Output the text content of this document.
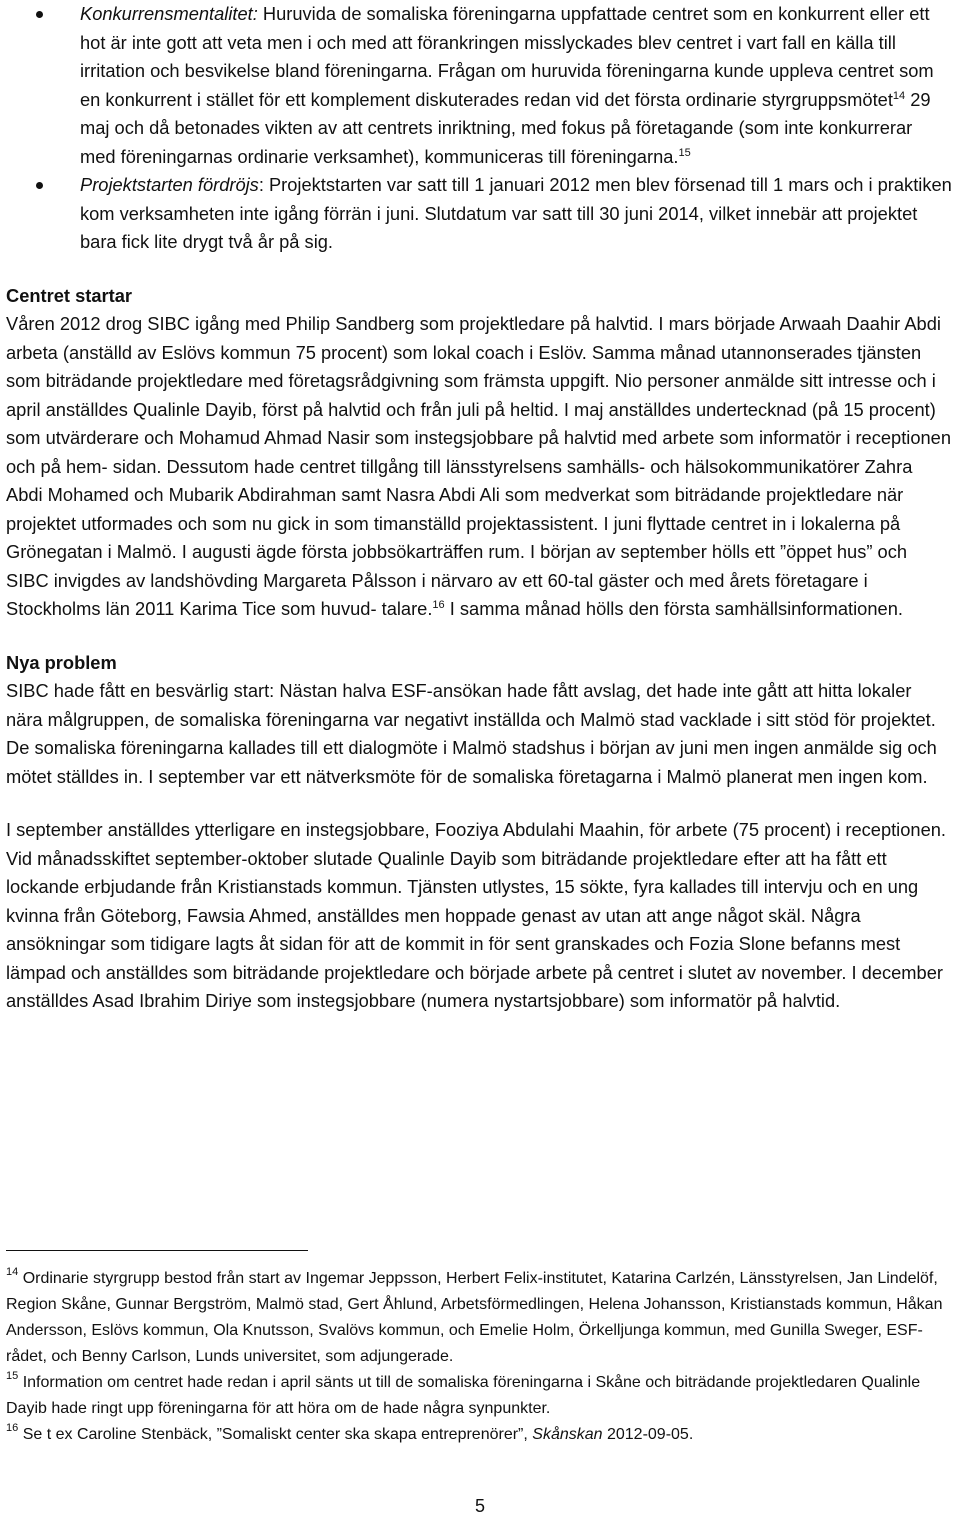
Konkurrensmentalitet: Huruvida de somaliska föreningarna uppfattade centret som en konkurrent eller ett hot är inte gott att veta men i och med att förankringen misslyckades blev centret i vart fall en källa till irritation och besvikelse bland föreningarna. Frågan om huruvida föreningarna kunde uppleva centret som en konkurrent i stället för ett komplement diskuterades redan vid det första ordinarie styrgruppsmötet$^{14}$ 29 maj och då betonades vikten av att centrets inriktning, med fokus på företagande (som inte konkurrerar med föreningarnas ordinarie verksamhet), kommuniceras till föreningarna.$^{15}$
Projektstarten fördröjs: Projektstarten var satt till 1 januari 2012 men blev försenad till 1 mars och i praktiken kom verksamheten inte igång förrän i juni. Slutdatum var satt till 30 juni 2014, vilket innebär att projektet bara fick lite drygt två år på sig.

Centret startar

Våren 2012 drog SIBC igång med Philip Sandberg som projektledare på halvtid. I mars började Arwaah Daahir Abdi arbeta (anställd av Eslövs kommun 75 procent) som lokal coach i Eslöv. Samma månad utannonserades tjänsten som biträdande projektledare med företagsrådgivning som främsta uppgift. Nio personer anmälde sitt intresse och i april anställdes Qualinle Dayib, först på halvtid och från juli på heltid. I maj anställdes undertecknad (på 15 procent) som utvärderare och Mohamud Ahmad Nasir som instegsjobbare på halvtid med arbete som informatör i receptionen och på hem- sidan. Dessutom hade centret tillgång till länsstyrelsens samhälls- och hälsokommunikatörer Zahra Abdi Mohamed och Mubarik Abdirahman samt Nasra Abdi Ali som medverkat som biträdande projektledare när projektet utformades och som nu gick in som timanställd projektassistent. I juni flyttade centret in i lokalerna på Grönegatan i Malmö. I augusti ägde första jobbsökarträffen rum. I början av september hölls ett ”öppet hus” och SIBC invigdes av landshövding Margareta Pålsson i närvaro av ett 60-tal gäster och med årets företagare i Stockholms län 2011 Karima Tice som huvud- talare.$^{16}$ I samma månad hölls den första samhällsinformationen.

Nya problem

SIBC hade fått en besvärlig start: Nästan halva ESF-ansökan hade fått avslag, det hade inte gått att hitta lokaler nära målgruppen, de somaliska föreningarna var negativt inställda och Malmö stad vacklade i sitt stöd för projektet. De somaliska föreningarna kallades till ett dialogmöte i Malmö stadshus i början av juni men ingen anmälde sig och mötet ställdes in. I september var ett nätverksmöte för de somaliska företagarna i Malmö planerat men ingen kom.

I september anställdes ytterligare en instegsjobbare, Fooziya Abdulahi Maahin, för arbete (75 procent) i receptionen. Vid månadsskiftet september-oktober slutade Qualinle Dayib som biträdande projektledare efter att ha fått ett lockande erbjudande från Kristianstads kommun. Tjänsten utlystes, 15 sökte, fyra kallades till intervju och en ung kvinna från Göteborg, Fawsia Ahmed, anställdes men hoppade genast av utan att ange något skäl. Några ansökningar som tidigare lagts åt sidan för att de kommit in för sent granskades och Fozia Slone befanns mest lämpad och anställdes som biträdande projektledare och började arbete på centret i slutet av november. I december anställdes Asad Ibrahim Diriye som instegsjobbare (numera nystartsjobbare) som informatör på halvtid.

$^{14}$ Ordinarie styrgrupp bestod från start av Ingemar Jeppsson, Herbert Felix-institutet, Katarina Carlzén, Länsstyrelsen, Jan Lindelöf, Region Skåne, Gunnar Bergström, Malmö stad, Gert Åhlund, Arbetsförmedlingen, Helena Johansson, Kristianstads kommun, Håkan Andersson, Eslövs kommun, Ola Knutsson, Svalövs kommun, och Emelie Holm, Örkelljunga kommun, med Gunilla Sweger, ESF-rådet, och Benny Carlson, Lunds universitet, som adjungerade.

$^{15}$ Information om centret hade redan i april sänts ut till de somaliska föreningarna i Skåne och biträdande projektledaren Qualinle Dayib hade ringt upp föreningarna för att höra om de hade några synpunkter.

$^{16}$ Se t ex Caroline Stenbäck, ”Somaliskt center ska skapa entreprenörer”, Skånskan 2012-09-05.

5
